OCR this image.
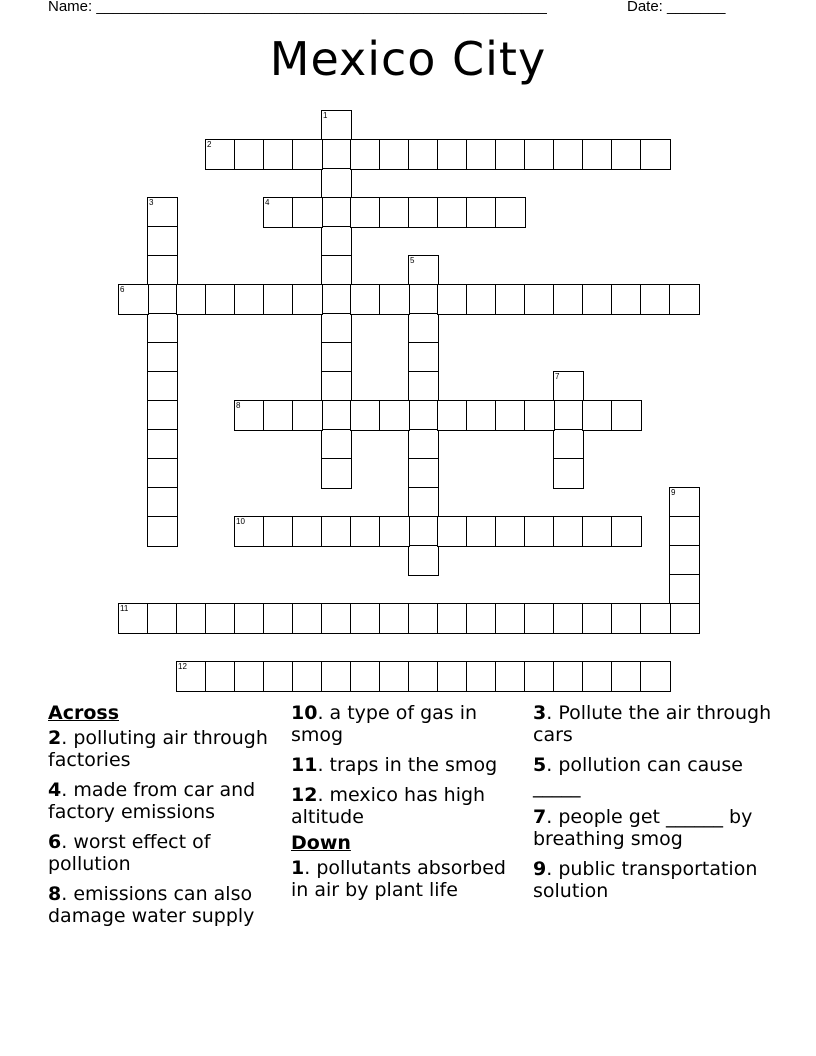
Name: ______________________________________________________	Date: _______
Mexico City
1
2
3	4
5
6
7
8
9
10
11
12
Across
2. polluting air through factories
4. made from car and factory emissions
6. worst effect of pollution
8. emissions can also damage water supply
10. a type of gas in smog
11. traps in the smog
12. mexico has high altitude
Down
1. pollutants absorbed in air by plant life
3. Pollute the air through cars
5. pollution can cause _____
7. people get ______ by breathing smog
9. public transportation solution
